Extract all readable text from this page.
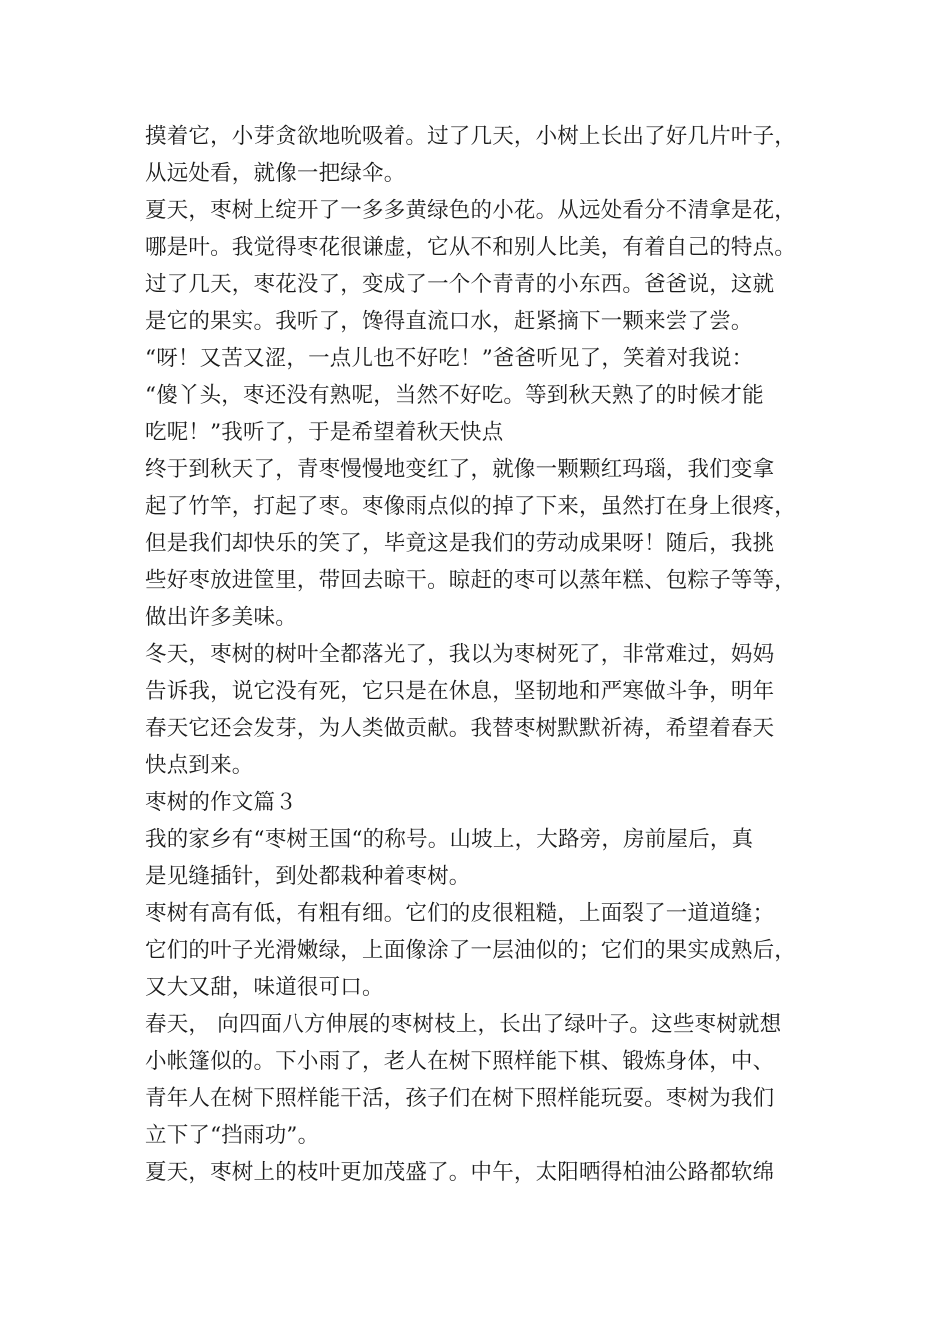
摸着它，小芽贪欲地吮吸着。过了几天，小树上长出了好几片叶子，
从远处看，就像一把绿伞。
夏天，枣树上绽开了一多多黄绿色的小花。从远处看分不清拿是花，
哪是叶。我觉得枣花很谦虚，它从不和别人比美，有着自己的特点。
过了几天，枣花没了，变成了一个个青青的小东西。爸爸说，这就
是它的果实。我听了，馋得直流口水，赶紧摘下一颗来尝了尝。
“呀！又苦又涩，一点儿也不好吃！”爸爸听见了，笑着对我说：
“傻丫头，枣还没有熟呢，当然不好吃。等到秋天熟了的时候才能
吃呢！”我听了，于是希望着秋天快点
终于到秋天了，青枣慢慢地变红了，就像一颗颗红玛瑙，我们变拿
起了竹竿，打起了枣。枣像雨点似的掉了下来，虽然打在身上很疼，
但是我们却快乐的笑了，毕竟这是我们的劳动成果呀！随后，我挑
些好枣放进筐里，带回去晾干。晾赶的枣可以蒸年糕、包粽子等等，
做出许多美味。
冬天，枣树的树叶全都落光了，我以为枣树死了，非常难过，妈妈
告诉我，说它没有死，它只是在休息，坚韧地和严寒做斗争，明年
春天它还会发芽，为人类做贡献。我替枣树默默祈祷，希望着春天
快点到来。
枣树的作文篇３
我的家乡有“枣树王国“的称号。山坡上，大路旁，房前屋后，真
是见缝插针，到处都栽种着枣树。
枣树有高有低，有粗有细。它们的皮很粗糙，上面裂了一道道缝；
它们的叶子光滑嫩绿，上面像涂了一层油似的；它们的果实成熟后，
又大又甜，味道很可口。
春天， 向四面八方伸展的枣树枝上，长出了绿叶子。这些枣树就想
小帐篷似的。下小雨了，老人在树下照样能下棋、锻炼身体，中、
青年人在树下照样能干活，孩子们在树下照样能玩耍。枣树为我们
立下了“挡雨功”。
夏天，枣树上的枝叶更加茂盛了。中午，太阳晒得柏油公路都软绵
